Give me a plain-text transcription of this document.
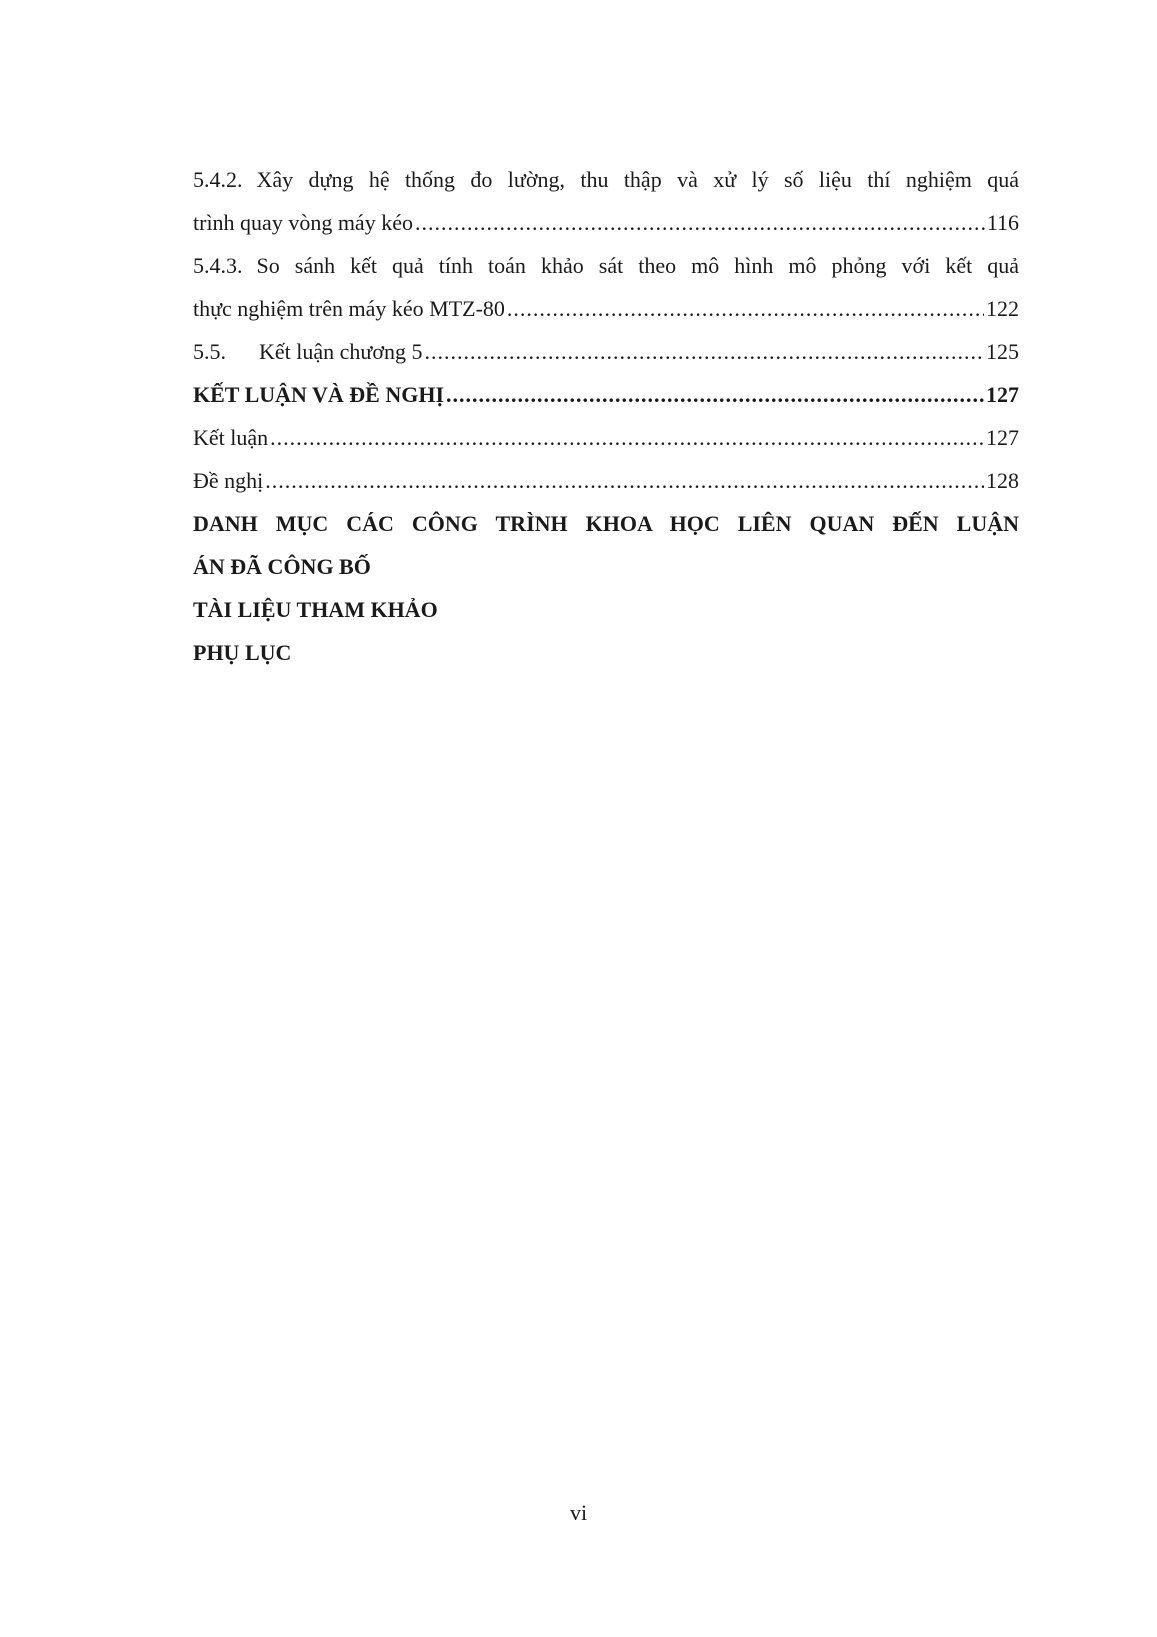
5.4.2. Xây dựng hệ thống đo lường, thu thập và xử lý số liệu thí nghiệm quá
trình quay vòng máy kéo .....	116
5.4.3. So sánh kết quả tính toán khảo sát theo mô hình mô phỏng với kết quả
thực nghiệm trên máy kéo MTZ-80 .....	122
5.5.	Kết luận chương 5 .....	125
KẾT LUẬN VÀ ĐỀ NGHỊ .....	127
Kết luận .....	127
Đề nghị .....	128
DANH MỤC CÁC CÔNG TRÌNH KHOA HỌC LIÊN QUAN ĐẾN LUẬN
ÁN ĐÃ CÔNG BỐ
TÀI LIỆU THAM KHẢO
PHỤ LỤC
vi
